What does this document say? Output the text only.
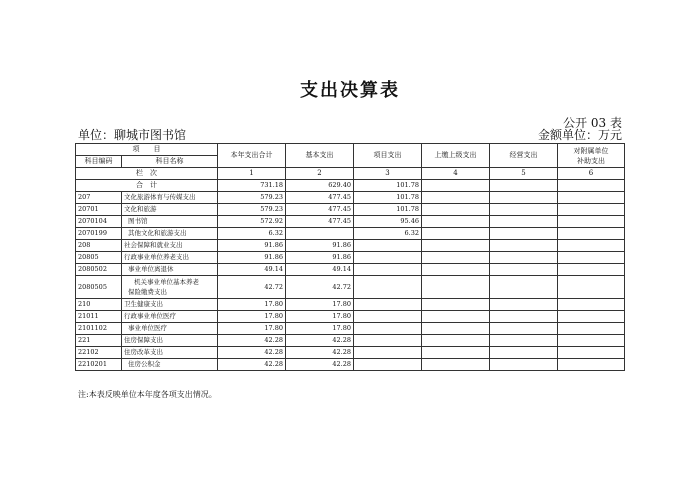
支出决算表
公开 03 表
单位：聊城市图书馆	金额单位：万元
项　　目		本年支出合计	基本支出	项目支出	上缴上级支出	经营支出	对附属单位
补助支出

科目编码	科目名称						
栏　次		1	2	3	4	5	6
合　计		731.18	629.40	101.78			
207	文化旅游体育与传媒支出	579.23	477.45	101.78			
20701	文化和旅游	579.23	477.45	101.78			
2070104	图书馆	572.92	477.45	95.46			
2070199	其他文化和旅游支出	6.32		6.32			
208	社会保障和就业支出	91.86	91.86				
20805	行政事业单位养老支出	91.86	91.86				
2080502	事业单位离退休	49.14	49.14				
2080505	机关事业单位基本养老
保险缴费支出	42.72	42.72				
210	卫生健康支出	17.80	17.80				
21011	行政事业单位医疗	17.80	17.80				
2101102	事业单位医疗	17.80	17.80				
221	住房保障支出	42.28	42.28				
22102	住房改革支出	42.28	42.28				
2210201	住房公积金	42.28	42.28				
注:本表反映单位本年度各项支出情况。
